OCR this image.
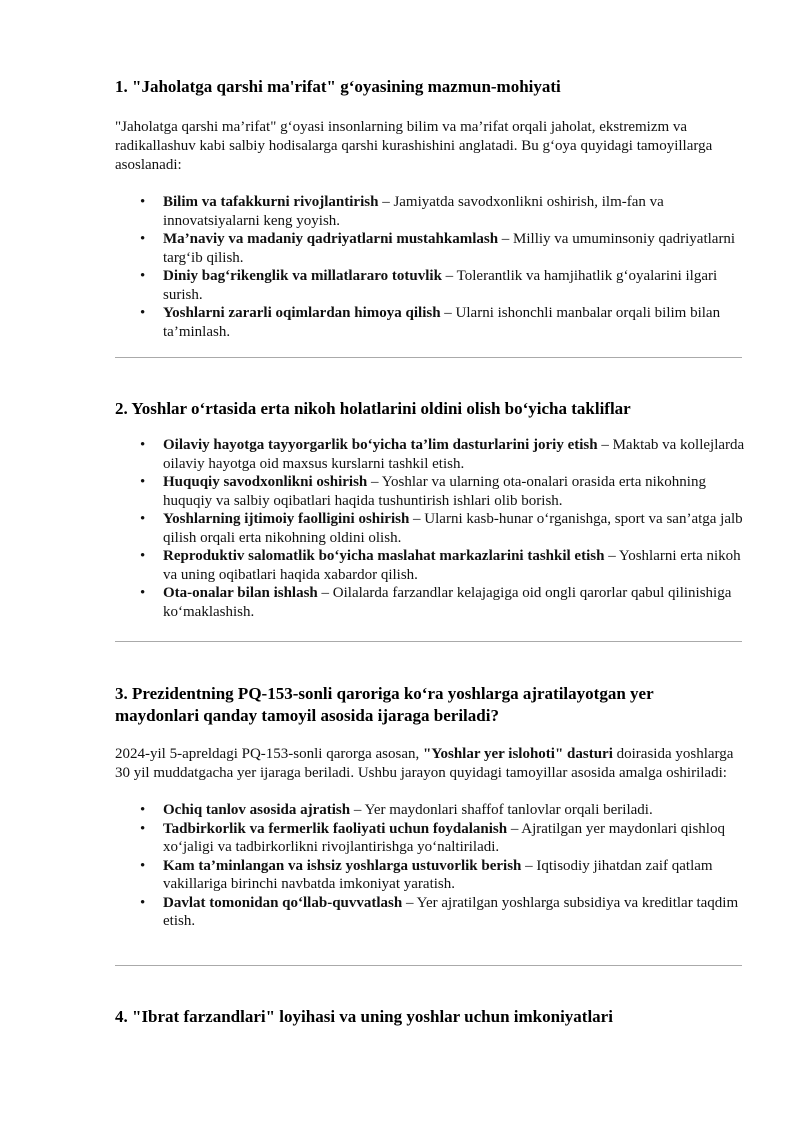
1. "Jaholatga qarshi ma'rifat" g‘oyasining mazmun-mohiyati

"Jaholatga qarshi ma’rifat" g‘oyasi insonlarning bilim va ma’rifat orqali jaholat, ekstremizm va radikallashuv kabi salbiy hodisalarga qarshi kurashishini anglatadi. Bu g‘oya quyidagi tamoyillarga asoslanadi:

• Bilim va tafakkurni rivojlantirish – Jamiyatda savodxonlikni oshirish, ilm-fan va innovatsiyalarni keng yoyish.
• Ma’naviy va madaniy qadriyatlarni mustahkamlash – Milliy va umuminsoniy qadriyatlarni targ‘ib qilish.
• Diniy bag‘rikenglik va millatlararo totuvlik – Tolerantlik va hamjihatlik g‘oyalarini ilgari surish.
• Yoshlarni zararli oqimlardan himoya qilish – Ularni ishonchli manbalar orqali bilim bilan ta’minlash.
2. Yoshlar o‘rtasida erta nikoh holatlarini oldini olish bo‘yicha takliflar
• Oilaviy hayotga tayyorgarlik bo‘yicha ta’lim dasturlarini joriy etish – Maktab va kollejlarda oilaviy hayotga oid maxsus kurslarni tashkil etish.
• Huquqiy savodxonlikni oshirish – Yoshlar va ularning ota-onalari orasida erta nikohning huquqiy va salbiy oqibatlari haqida tushuntirish ishlari olib borish.
• Yoshlarning ijtimoiy faolligini oshirish – Ularni kasb-hunar o‘rganishga, sport va san’atga jalb qilish orqali erta nikohning oldini olish.
• Reproduktiv salomatlik bo‘yicha maslahat markazlarini tashkil etish – Yoshlarni erta nikoh va uning oqibatlari haqida xabardor qilish.
• Ota-onalar bilan ishlash – Oilalarda farzandlar kelajagiga oid ongli qarorlar qabul qilinishiga ko‘maklashish.
3. Prezidentning PQ-153-sonli qaroriga ko‘ra yoshlarga ajratilayotgan yer maydonlari qanday tamoyil asosida ijaraga beriladi?

2024-yil 5-apreldagi PQ-153-sonli qarorga asosan, "Yoshlar yer islohoti" dasturi doirasida yoshlarga 30 yil muddatgacha yer ijaraga beriladi. Ushbu jarayon quyidagi tamoyillar asosida amalga oshiriladi:

• Ochiq tanlov asosida ajratish – Yer maydonlari shaffof tanlovlar orqali beriladi.
• Tadbirkorlik va fermerlik faoliyati uchun foydalanish – Ajratilgan yer maydonlari qishloq xo‘jaligi va tadbirkorlikni rivojlantirishga yo‘naltiriladi.
• Kam ta’minlangan va ishsiz yoshlarga ustuvorlik berish – Iqtisodiy jihatdan zaif qatlam vakillariga birinchi navbatda imkoniyat yaratish.
• Davlat tomonidan qo‘llab-quvvatlash – Yer ajratilgan yoshlarga subsidiya va kreditlar taqdim etish.
4. "Ibrat farzandlari" loyihasi va uning yoshlar uchun imkoniyatlari
